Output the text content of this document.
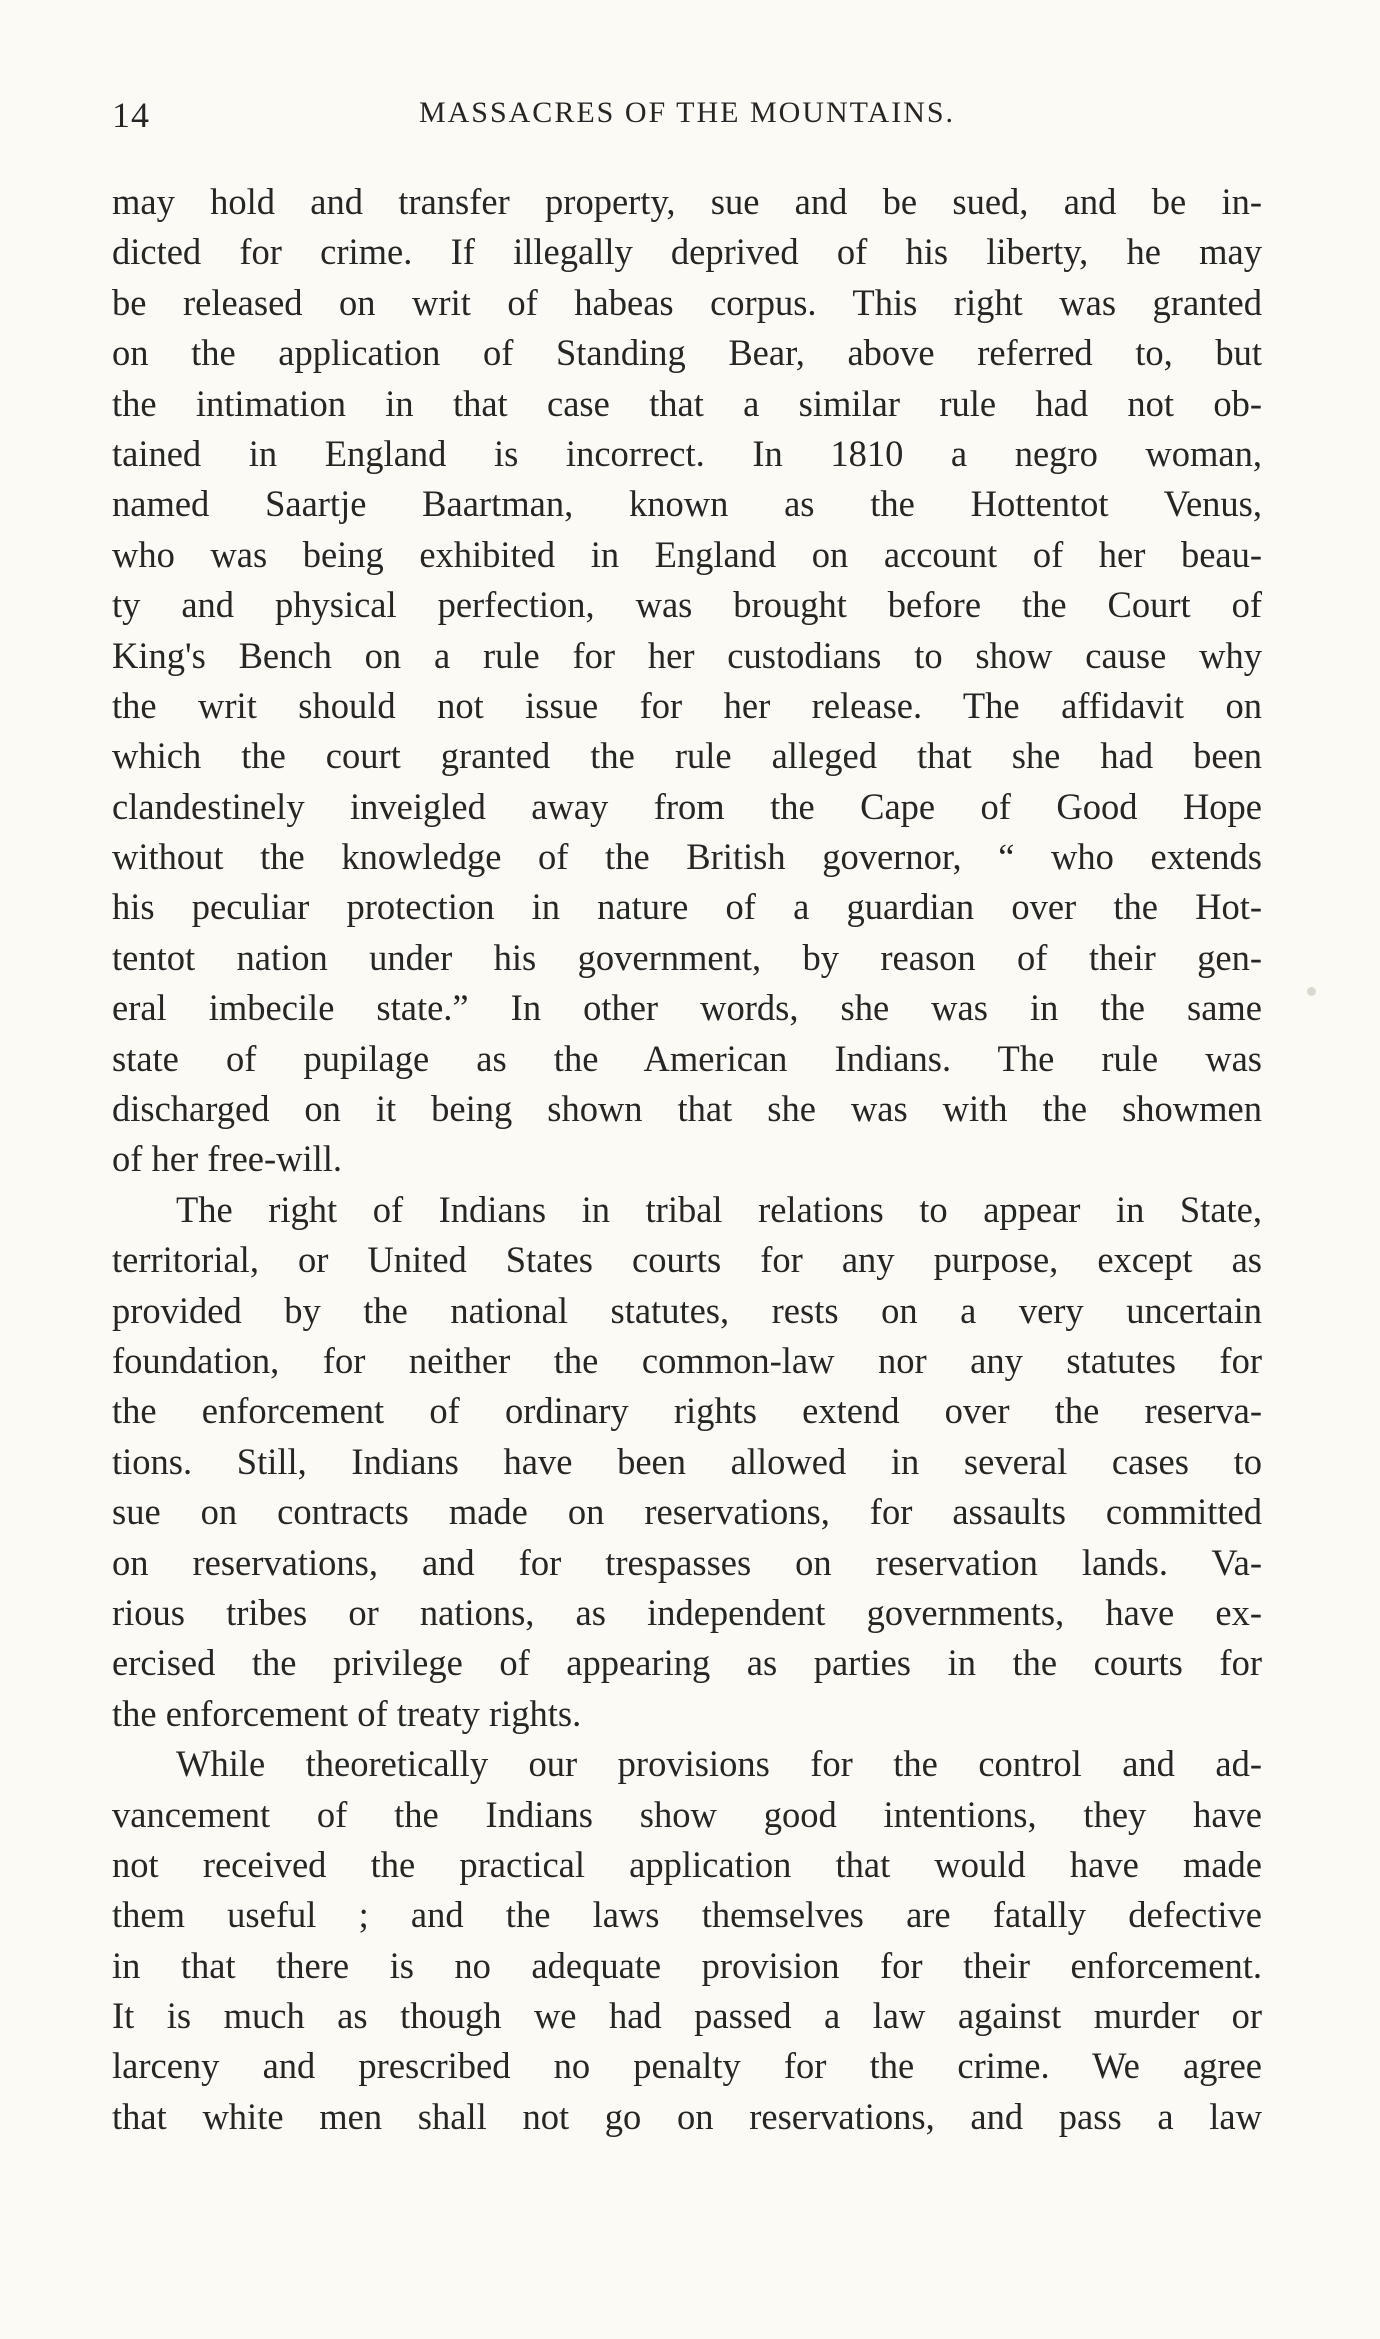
14	MASSACRES OF THE MOUNTAINS.
may hold and transfer property, sue and be sued, and be in-
dicted for crime. If illegally deprived of his liberty, he may
be released on writ of habeas corpus. This right was granted
on the application of Standing Bear, above referred to, but
the intimation in that case that a similar rule had not ob-
tained in England is incorrect. In 1810 a negro woman,
named Saartje Baartman, known as the Hottentot Venus,
who was being exhibited in England on account of her beau-
ty and physical perfection, was brought before the Court of
King's Bench on a rule for her custodians to show cause why
the writ should not issue for her release. The affidavit on
which the court granted the rule alleged that she had been
clandestinely inveigled away from the Cape of Good Hope
without the knowledge of the British governor, “ who extends
his peculiar protection in nature of a guardian over the Hot-
tentot nation under his government, by reason of their gen-
eral imbecile state.” In other words, she was in the same
state of pupilage as the American Indians. The rule was
discharged on it being shown that she was with the showmen
of her free-will.
The right of Indians in tribal relations to appear in State,
territorial, or United States courts for any purpose, except as
provided by the national statutes, rests on a very uncertain
foundation, for neither the common-law nor any statutes for
the enforcement of ordinary rights extend over the reserva-
tions. Still, Indians have been allowed in several cases to
sue on contracts made on reservations, for assaults committed
on reservations, and for trespasses on reservation lands. Va-
rious tribes or nations, as independent governments, have ex-
ercised the privilege of appearing as parties in the courts for
the enforcement of treaty rights.
While theoretically our provisions for the control and ad-
vancement of the Indians show good intentions, they have
not received the practical application that would have made
them useful ; and the laws themselves are fatally defective
in that there is no adequate provision for their enforcement.
It is much as though we had passed a law against murder or
larceny and prescribed no penalty for the crime. We agree
that white men shall not go on reservations, and pass a law
